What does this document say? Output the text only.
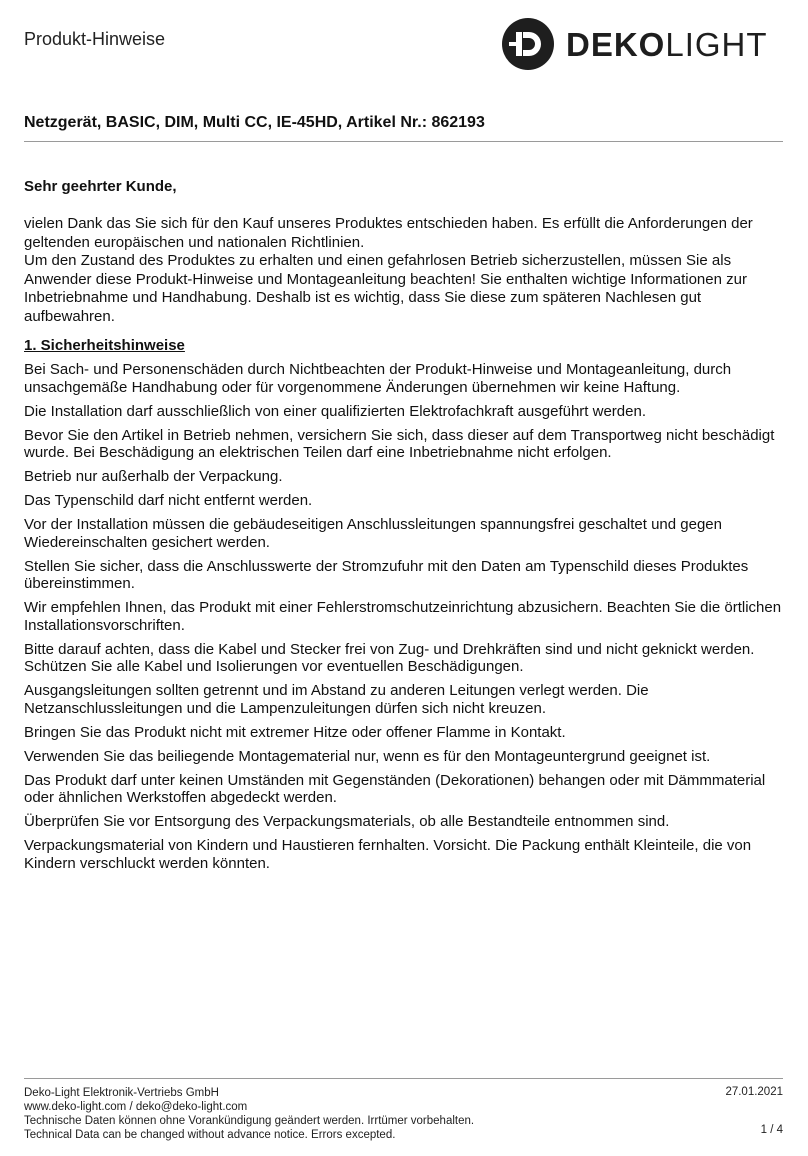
Produkt-Hinweise	DEKOLIGHT
Netzgerät, BASIC, DIM, Multi CC, IE-45HD, Artikel Nr.: 862193
Sehr geehrter Kunde,

vielen Dank das Sie sich für den Kauf unseres Produktes entschieden haben. Es erfüllt die Anforderungen der geltenden europäischen und nationalen Richtlinien.

Um den Zustand des Produktes zu erhalten und einen gefahrlosen Betrieb sicherzustellen, müssen Sie als Anwender diese Produkt-Hinweise und Montageanleitung beachten! Sie enthalten wichtige Informationen zur Inbetriebnahme und Handhabung. Deshalb ist es wichtig, dass Sie diese zum späteren Nachlesen gut aufbewahren.

1. Sicherheitshinweise

Bei Sach- und Personenschäden durch Nichtbeachten der Produkt-Hinweise und Montageanleitung, durch unsachgemäße Handhabung oder für vorgenommene Änderungen übernehmen wir keine Haftung.

Die Installation darf ausschließlich von einer qualifizierten Elektrofachkraft ausgeführt werden.

Bevor Sie den Artikel in Betrieb nehmen, versichern Sie sich, dass dieser auf dem Transportweg nicht beschädigt wurde. Bei Beschädigung an elektrischen Teilen darf eine Inbetriebnahme nicht erfolgen.

Betrieb nur außerhalb der Verpackung.

Das Typenschild darf nicht entfernt werden.

Vor der Installation müssen die gebäudeseitigen Anschlussleitungen spannungsfrei geschaltet und gegen Wiedereinschalten gesichert werden.

Stellen Sie sicher, dass die Anschlusswerte der Stromzufuhr mit den Daten am Typenschild dieses Produktes übereinstimmen.

Wir empfehlen Ihnen, das Produkt mit einer Fehlerstromschutzeinrichtung abzusichern. Beachten Sie die örtlichen Installationsvorschriften.

Bitte darauf achten, dass die Kabel und Stecker frei von Zug- und Drehkräften sind und nicht geknickt werden. Schützen Sie alle Kabel und Isolierungen vor eventuellen Beschädigungen.

Ausgangsleitungen sollten getrennt und im Abstand zu anderen Leitungen verlegt werden. Die Netzanschlussleitungen und die Lampenzuleitungen dürfen sich nicht kreuzen.

Bringen Sie das Produkt nicht mit extremer Hitze oder offener Flamme in Kontakt.

Verwenden Sie das beiliegende Montagematerial nur, wenn es für den Montageuntergrund geeignet ist.

Das Produkt darf unter keinen Umständen mit Gegenständen (Dekorationen) behangen oder mit Dämmmaterial oder ähnlichen Werkstoffen abgedeckt werden.

Überprüfen Sie vor Entsorgung des Verpackungsmaterials, ob alle Bestandteile entnommen sind.

Verpackungsmaterial von Kindern und Haustieren fernhalten. Vorsicht. Die Packung enthält Kleinteile, die von Kindern verschluckt werden könnten.

Deko-Light Elektronik-Vertriebs GmbH
www.deko-light.com / deko@deko-light.com
Technische Daten können ohne Vorankündigung geändert werden. Irrtümer vorbehalten.
Technical Data can be changed without advance notice. Errors excepted.
27.01.2021
1 / 4
